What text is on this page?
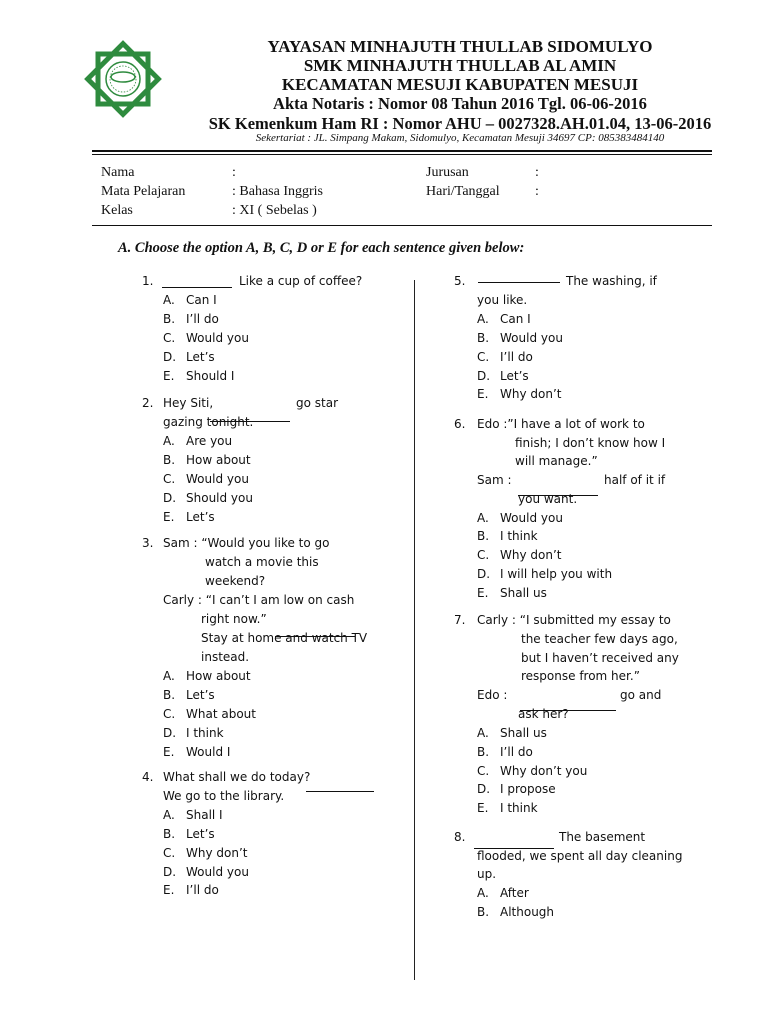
YAYASAN MINHAJUTH THULLAB SIDOMULYO
SMK MINHAJUTH THULLAB AL AMIN
KECAMATAN MESUJI KABUPATEN MESUJI
Akta Notaris : Nomor 08 Tahun 2016 Tgl. 06-06-2016
SK Kemenkum Ham RI : Nomor AHU – 0027328.AH.01.04, 13-06-2016
Sekertariat : JL. Simpang Makam, Sidomulyo, Kecamatan Mesuji 34697 CP: 085383484140
Nama	:
Mata Pelajaran	: Bahasa Inggris
Kelas	: XI ( Sebelas )
Jurusan	:
Hari/Tanggal	:
A. Choose the option A, B, C, D or E for each sentence given below:
1.	Like a cup of coffee?
A. Can I
B. I’ll do
C. Would you
D. Let’s
E. Should I
2. Hey Siti,	go star
gazing tonight.
A. Are you
B. How about
C. Would you
D. Should you
E. Let’s
3. Sam : “Would you like to go
watch a movie this
weekend?
Carly : “I can’t I am low on cash
right now.”
Stay at home and watch TV
instead.
A. How about
B. Let’s
C. What about
D. I think
E. Would I
4. What shall we do today?
We go to the library.
A. Shall I
B. Let’s
C. Why don’t
D. Would you
E. I’ll do
5.	The washing, if
you like.
A. Can I
B. Would you
C. I’ll do
D. Let’s
E. Why don’t
6. Edo :”I have a lot of work to
finish; I don’t know how I
will manage.”
Sam :	half of it if
you want.
A. Would you
B. I think
C. Why don’t
D. I will help you with
E. Shall us
7. Carly : “I submitted my essay to
the teacher few days ago,
but I haven’t received any
response from her.”
Edo :	go and
ask her?
A. Shall us
B. I’ll do
C. Why don’t you
D. I propose
E. I think
8.	The basement
flooded, we spent all day cleaning
up.
A. After
B. Although
